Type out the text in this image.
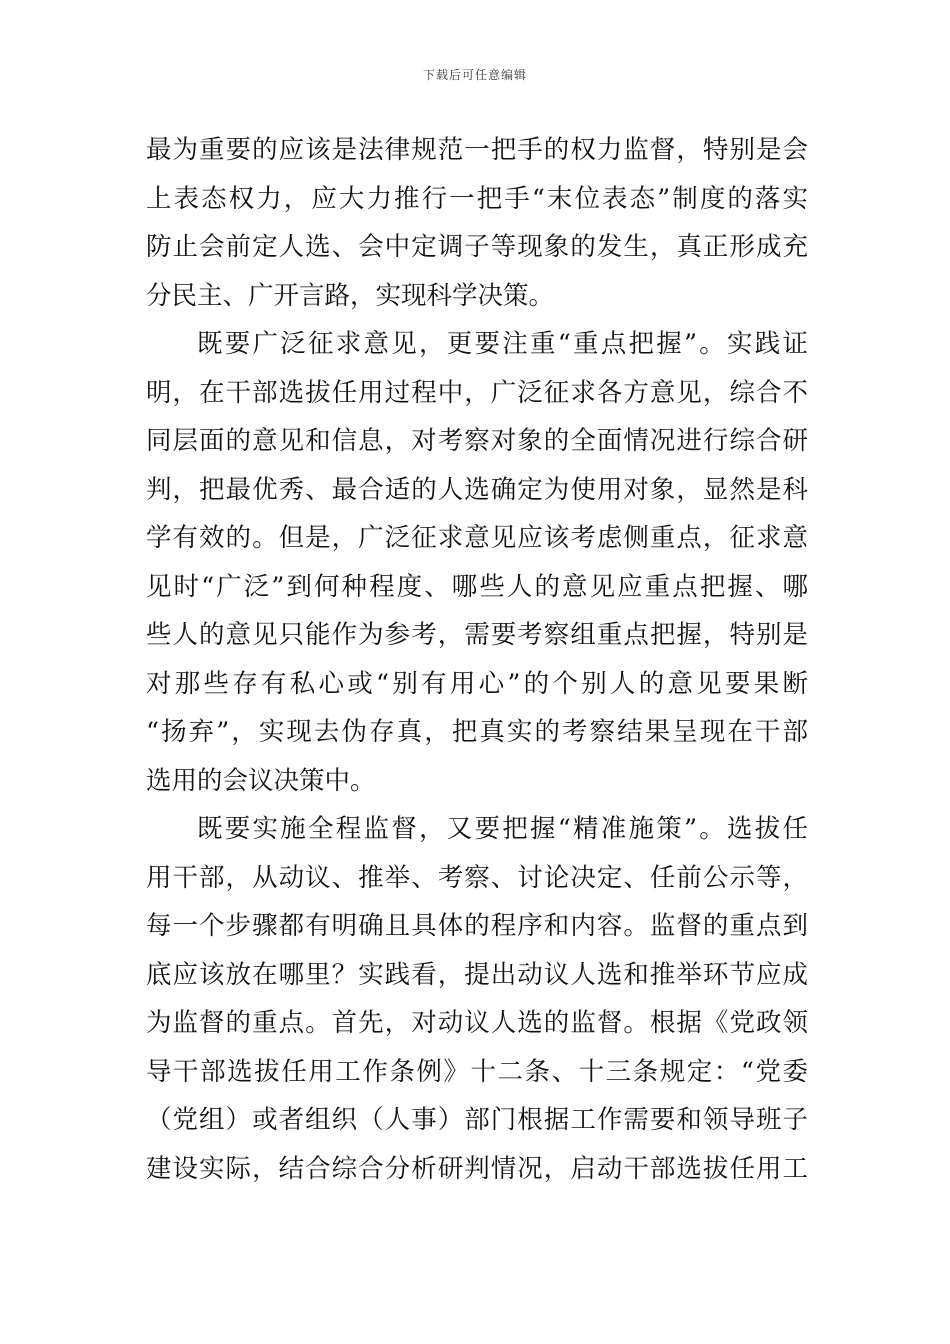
下载后可任意编辑
最为重要的应该是法律规范一把手的权力监督，特别是会
上表态权力，应大力推行一把手“末位表态”制度的落实
防止会前定人选、会中定调子等现象的发生，真正形成充
分民主、广开言路，实现科学决策。
既要广泛征求意见，更要注重“重点把握”。实践证
明，在干部选拔任用过程中，广泛征求各方意见，综合不
同层面的意见和信息，对考察对象的全面情况进行综合研
判，把最优秀、最合适的人选确定为使用对象，显然是科
学有效的。但是，广泛征求意见应该考虑侧重点，征求意
见时“广泛”到何种程度、哪些人的意见应重点把握、哪
些人的意见只能作为参考，需要考察组重点把握，特别是
对那些存有私心或“别有用心”的个别人的意见要果断
“扬弃”，实现去伪存真，把真实的考察结果呈现在干部
选用的会议决策中。
既要实施全程监督，又要把握“精准施策”。选拔任
用干部，从动议、推举、考察、讨论决定、任前公示等，
每一个步骤都有明确且具体的程序和内容。监督的重点到
底应该放在哪里？实践看，提出动议人选和推举环节应成
为监督的重点。首先，对动议人选的监督。根据《党政领
导干部选拔任用工作条例》十二条、十三条规定：“党委
（党组）或者组织（人事）部门根据工作需要和领导班子
建设实际，结合综合分析研判情况，启动干部选拔任用工
